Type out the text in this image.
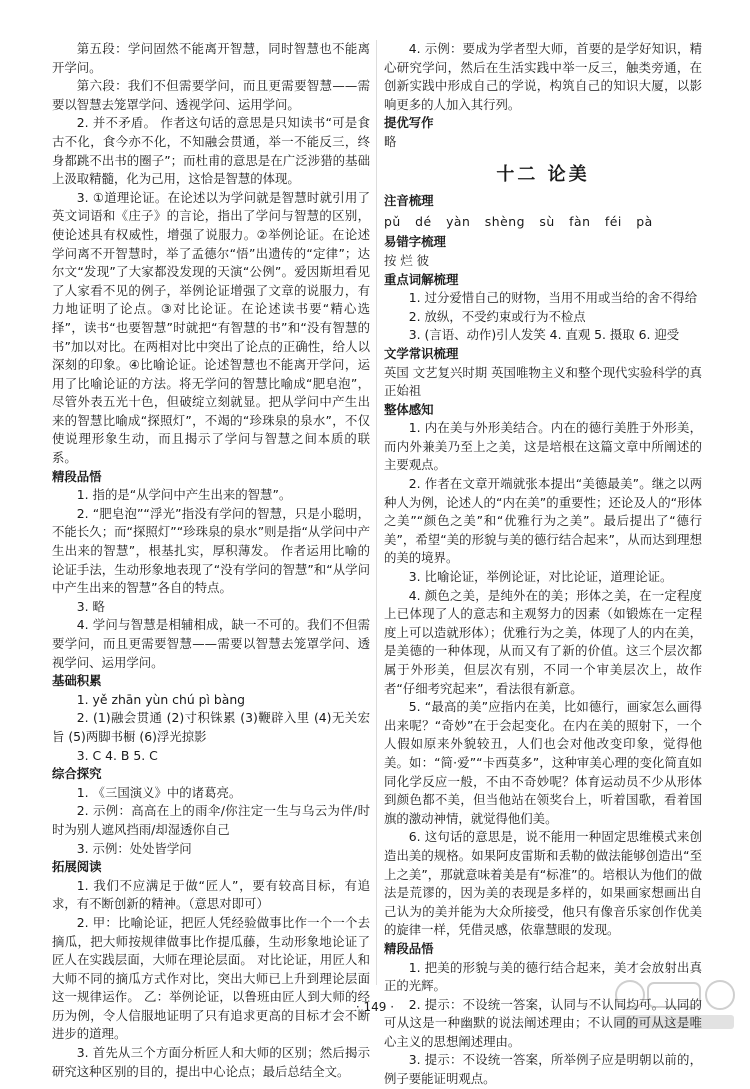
第五段：学问固然不能离开智慧，同时智慧也不能离开学问。

第六段：我们不但需要学问，而且更需要智慧——需要以智慧去笼罩学问、透视学问、运用学问。

2. 并不矛盾。 作者这句话的意思是只知读书“可是食古不化，食今亦不化，不知融会贯通，举一不能反三，终身都跳不出书的圈子”；而杜甫的意思是在广泛涉猎的基础上汲取精髓，化为己用，这恰是智慧的体现。

3. ①道理论证。在论述以为学问就是智慧时就引用了英文词语和《庄子》的言论，指出了学问与智慧的区别，使论述具有权威性，增强了说服力。②举例论证。在论述学问离不开智慧时，举了孟德尔“悟”出遗传的“定律”；达尔文“发现”了大家都没发现的天演“公例”。爱因斯坦看见了人家看不见的例子，举例论证增强了文章的说服力，有力地证明了论点。③对比论证。在论述读书要“精心选择”，读书“也要智慧”时就把“有智慧的书”和“没有智慧的书”加以对比。在两相对比中突出了论点的正确性，给人以深刻的印象。④比喻论证。论述智慧也不能离开学问，运用了比喻论证的方法。将无学问的智慧比喻成“肥皂泡”，尽管外表五光十色，但破绽立刻就显。把从学问中产生出来的智慧比喻成“探照灯”，不竭的“珍珠泉的泉水”，不仅使说理形象生动，而且揭示了学问与智慧之间本质的联系。

精段品悟

1. 指的是“从学问中产生出来的智慧”。

2. “肥皂泡”“浮光”指没有学问的智慧，只是小聪明，不能长久；而“探照灯”“珍珠泉的泉水”则是指“从学问中产生出来的智慧”，根基扎实，厚积薄发。 作者运用比喻的论证手法，生动形象地表现了“没有学问的智慧”和“从学问中产生出来的智慧”各自的特点。

3. 略

4. 学问与智慧是相辅相成，缺一不可的。我们不但需要学问，而且更需要智慧——需要以智慧去笼罩学问、透视学问、运用学问。

基础积累

1. yě zhān yùn chú pì bàng

2. (1)融会贯通 (2)寸积铢累 (3)鞭辟入里 (4)无关宏旨 (5)两脚书橱 (6)浮光掠影

3. C 4. B 5. C

综合探究

1. 《三国演义》中的诸葛亮。

2. 示例：高高在上的雨伞/你注定一生与乌云为伴/时时为别人遮风挡雨/却湿透你自己

3. 示例：处处皆学问

拓展阅读

1. 我们不应满足于做“匠人”，要有较高目标，有追求，有不断创新的精神。（意思对即可）

2. 甲：比喻论证，把匠人凭经验做事比作一个一个去摘瓜，把大师按规律做事比作提瓜藤，生动形象地论证了匠人在实践层面，大师在理论层面。 对比论证，用匠人和大师不同的摘瓜方式作对比，突出大师已上升到理论层面这一规律运作。 乙：举例论证，以鲁班由匠人到大师的经历为例，令人信服地证明了只有追求更高的目标才会不断进步的道理。

3. 首先从三个方面分析匠人和大师的区别；然后揭示研究这种区别的目的，提出中心论点；最后总结全文。

4. 示例：要成为学者型大师，首要的是学好知识，精心研究学问，然后在生活实践中举一反三，触类旁通，在创新实践中形成自己的学说，构筑自己的知识大厦，以影响更多的人加入其行列。

提优写作

略

十二 论美

注音梳理

pǔ dé yàn shèng sù fàn féi pà

易错字梳理

按 烂 彼

重点词解梳理

1. 过分爱惜自己的财物，当用不用或当给的舍不得给

2. 放纵，不受约束或行为不检点

3. (言语、动作)引人发笑 4. 直观 5. 摄取 6. 迎受

文学常识梳理

英国 文艺复兴时期 英国唯物主义和整个现代实验科学的真正始祖

整体感知

1. 内在美与外形美结合。内在的德行美胜于外形美，而内外兼美乃至上之美，这是培根在这篇文章中所阐述的主要观点。

2. 作者在文章开端就张本提出“美德最美”。继之以两种人为例，论述人的“内在美”的重要性；还论及人的“形体之美”“颜色之美”和“优雅行为之美”。最后提出了“德行美”，希望“美的形貌与美的德行结合起来”，从而达到理想的美的境界。

3. 比喻论证，举例论证，对比论证，道理论证。

4. 颜色之美，是纯外在的美；形体之美，在一定程度上已体现了人的意志和主观努力的因素（如锻炼在一定程度上可以造就形体）；优雅行为之美，体现了人的内在美，是美德的一种体现，从而又有了新的价值。这三个层次都属于外形美，但层次有别，不同一个审美层次上，故作者“仔细考究起来”，看法很有新意。

5. “最高的美”应指内在美，比如德行，画家怎么画得出来呢？“奇妙”在于会起变化。在内在美的照射下，一个人假如原来外貌较丑，人们也会对他改变印象，觉得他美。如：“简·爱”“卡西莫多”，这种审美心理的变化简直如同化学反应一般，不由不奇妙呢？体育运动员不少从形体到颜色都不美，但当他站在领奖台上，听着国歌，看着国旗的激动神情，就觉得他们美。

6. 这句话的意思是，说不能用一种固定思维模式来创造出美的规格。如果阿皮雷斯和丢勒的做法能够创造出“至上之美”，那就意味着美是有“标准”的。培根认为他们的做法是荒谬的，因为美的表现是多样的，如果画家想画出自己认为的美并能为大众所接受，他只有像音乐家创作优美的旋律一样，凭借灵感，依靠慧眼的发现。

精段品悟

1. 把美的形貌与美的德行结合起来，美才会放射出真正的光辉。

2. 提示：不设统一答案，认同与不认同均可。认同的可从这是一种幽默的说法阐述理由；不认同的可从这是唯心主义的思想阐述理由。

3. 提示：不设统一答案，所举例子应是明朝以前的，例子要能证明观点。

· 149 ·
